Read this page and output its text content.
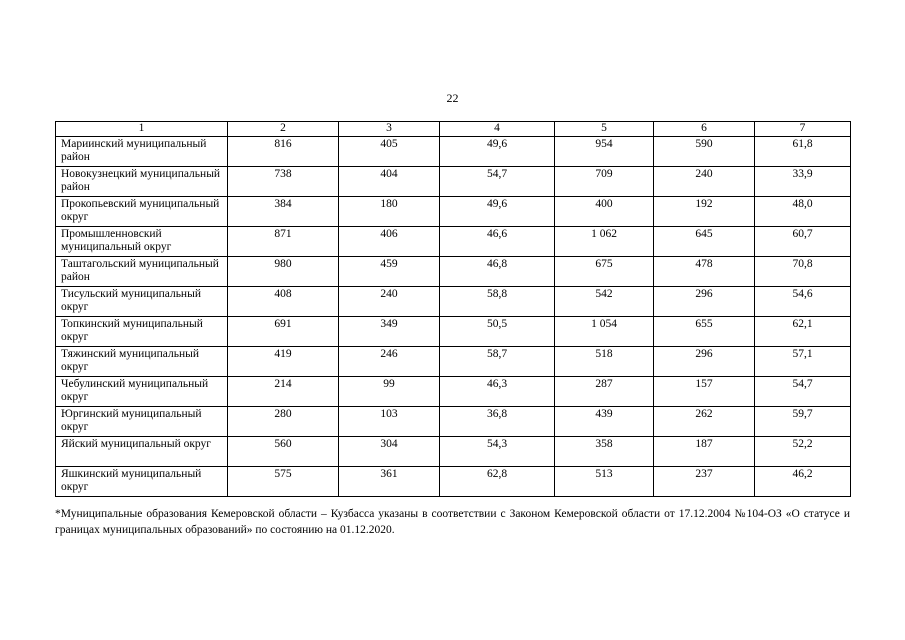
22
1	2	3	4	5	6	7
Мариинский муниципальный район	816	405	49,6	954	590	61,8
Новокузнецкий муниципальный район	738	404	54,7	709	240	33,9
Прокопьевский муниципальный округ	384	180	49,6	400	192	48,0
Промышленновский муниципальный округ	871	406	46,6	1 062	645	60,7
Таштагольский муниципальный район	980	459	46,8	675	478	70,8
Тисульский муниципальный округ	408	240	58,8	542	296	54,6
Топкинский муниципальный округ	691	349	50,5	1 054	655	62,1
Тяжинский муниципальный округ	419	246	58,7	518	296	57,1
Чебулинский муниципальный округ	214	99	46,3	287	157	54,7
Юргинский муниципальный округ	280	103	36,8	439	262	59,7
Яйский муниципальный округ	560	304	54,3	358	187	52,2
Яшкинский муниципальный округ	575	361	62,8	513	237	46,2
*Муниципальные образования Кемеровской области – Кузбасса указаны в соответствии с Законом Кемеровской области от 17.12.2004 №104-ОЗ «О статусе и границах муниципальных образований» по состоянию на 01.12.2020.
